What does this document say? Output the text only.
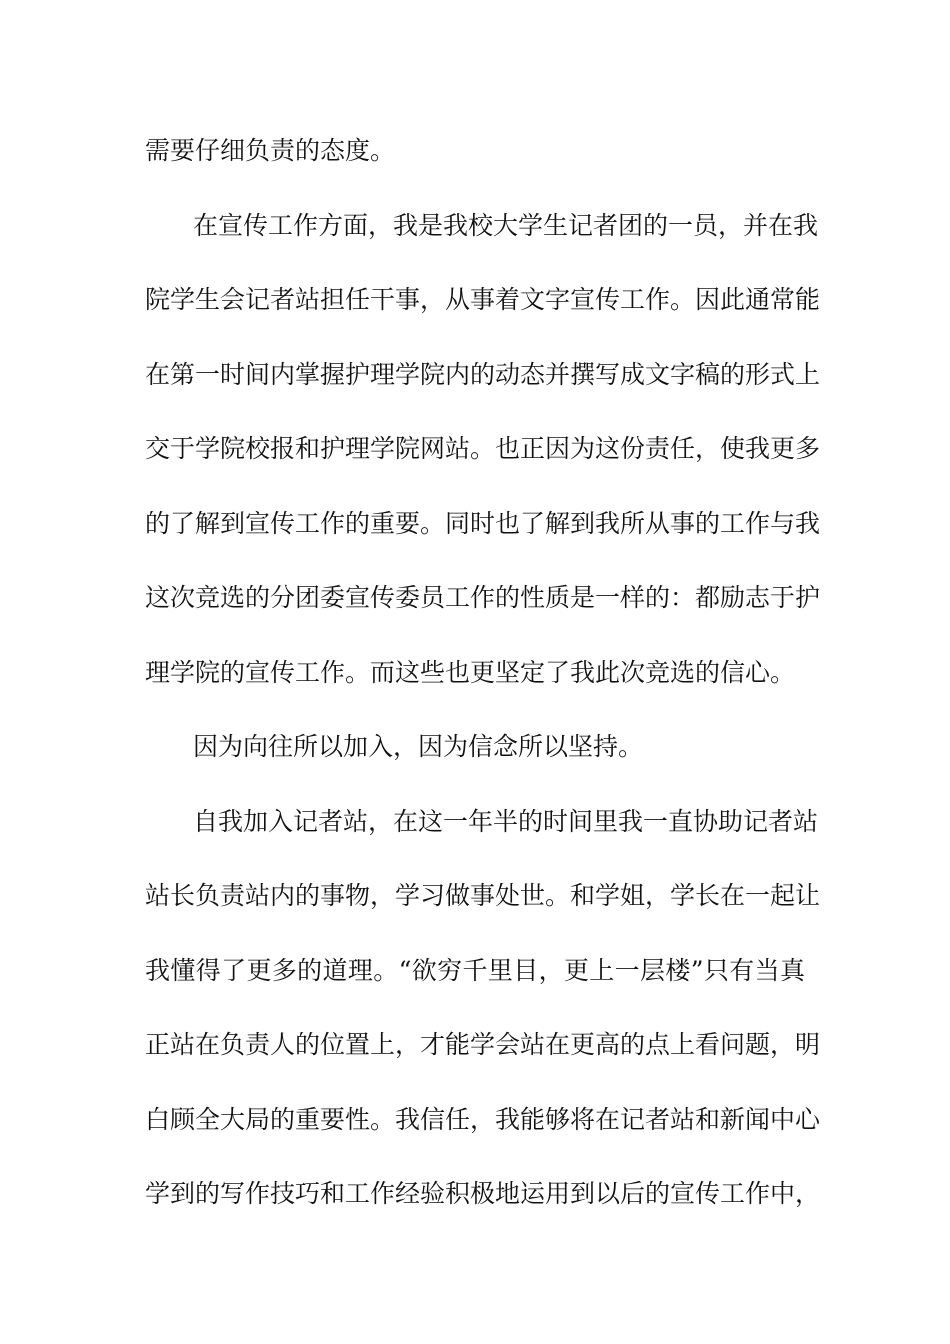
需要仔细负责的态度。
在宣传工作方面，我是我校大学生记者团的一员，并在我
院学生会记者站担任干事，从事着文字宣传工作。因此通常能
在第一时间内掌握护理学院内的动态并撰写成文字稿的形式上
交于学院校报和护理学院网站。也正因为这份责任，使我更多
的了解到宣传工作的重要。同时也了解到我所从事的工作与我
这次竞选的分团委宣传委员工作的性质是一样的：都励志于护
理学院的宣传工作。而这些也更坚定了我此次竞选的信心。
因为向往所以加入，因为信念所以坚持。
自我加入记者站，在这一年半的时间里我一直协助记者站
站长负责站内的事物，学习做事处世。和学姐，学长在一起让
我懂得了更多的道理。“欲穷千里目，更上一层楼”只有当真
正站在负责人的位置上，才能学会站在更高的点上看问题，明
白顾全大局的重要性。我信任，我能够将在记者站和新闻中心
学到的写作技巧和工作经验积极地运用到以后的宣传工作中，
